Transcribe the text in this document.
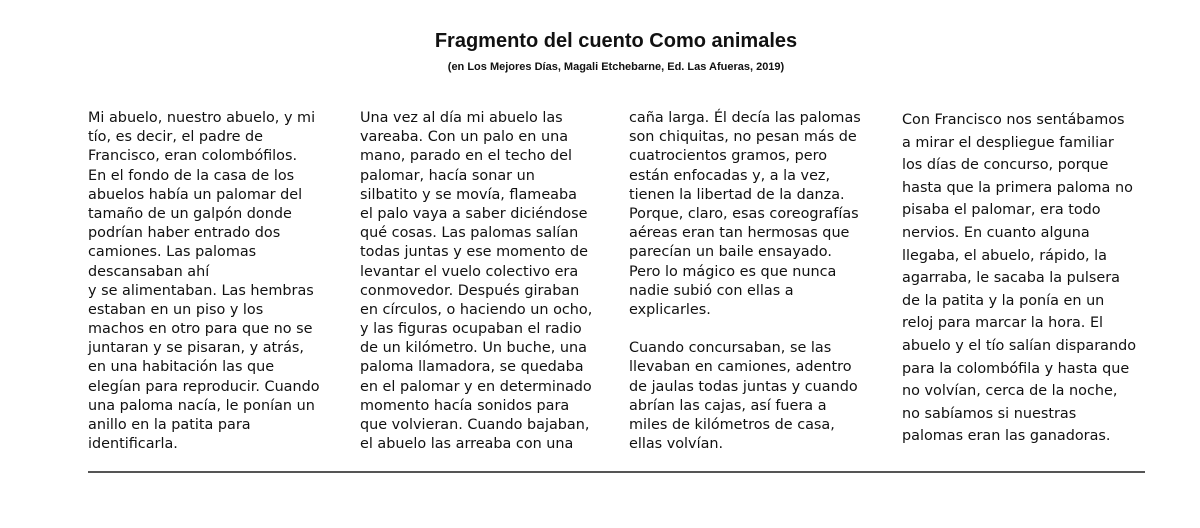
Fragmento del cuento Como animales

(en Los Mejores Días, Magali Etchebarne, Ed. Las Afueras, 2019)

Mi abuelo, nuestro abuelo, y mi
tío, es decir, el padre de
Francisco, eran colombófilos.
En el fondo de la casa de los
abuelos había un palomar del
tamaño de un galpón donde
podrían haber entrado dos
camiones. Las palomas
descansaban ahí
y se alimentaban. Las hembras
estaban en un piso y los
machos en otro para que no se
juntaran y se pisaran, y atrás,
en una habitación las que
elegían para reproducir. Cuando
una paloma nacía, le ponían un
anillo en la patita para
identificarla.
Una vez al día mi abuelo las
vareaba. Con un palo en una
mano, parado en el techo del
palomar, hacía sonar un
silbatito y se movía, flameaba
el palo vaya a saber diciéndose
qué cosas. Las palomas salían
todas juntas y ese momento de
levantar el vuelo colectivo era
conmovedor. Después giraban
en círculos, o haciendo un ocho,
y las figuras ocupaban el radio
de un kilómetro. Un buche, una
paloma llamadora, se quedaba
en el palomar y en determinado
momento hacía sonidos para
que volvieran. Cuando bajaban,
el abuelo las arreaba con una
caña larga. Él decía las palomas
son chiquitas, no pesan más de
cuatrocientos gramos, pero
están enfocadas y, a la vez,
tienen la libertad de la danza.
Porque, claro, esas coreografías
aéreas eran tan hermosas que
parecían un baile ensayado.
Pero lo mágico es que nunca
nadie subió con ellas a
explicarles.
Cuando concursaban, se las
llevaban en camiones, adentro
de jaulas todas juntas y cuando
abrían las cajas, así fuera a
miles de kilómetros de casa,
ellas volvían.
Con Francisco nos sentábamos
a mirar el despliegue familiar
los días de concurso, porque
hasta que la primera paloma no
pisaba el palomar, era todo
nervios. En cuanto alguna
llegaba, el abuelo, rápido, la
agarraba, le sacaba la pulsera
de la patita y la ponía en un
reloj para marcar la hora. El
abuelo y el tío salían disparando
para la colombófila y hasta que
no volvían, cerca de la noche,
no sabíamos si nuestras
palomas eran las ganadoras.
